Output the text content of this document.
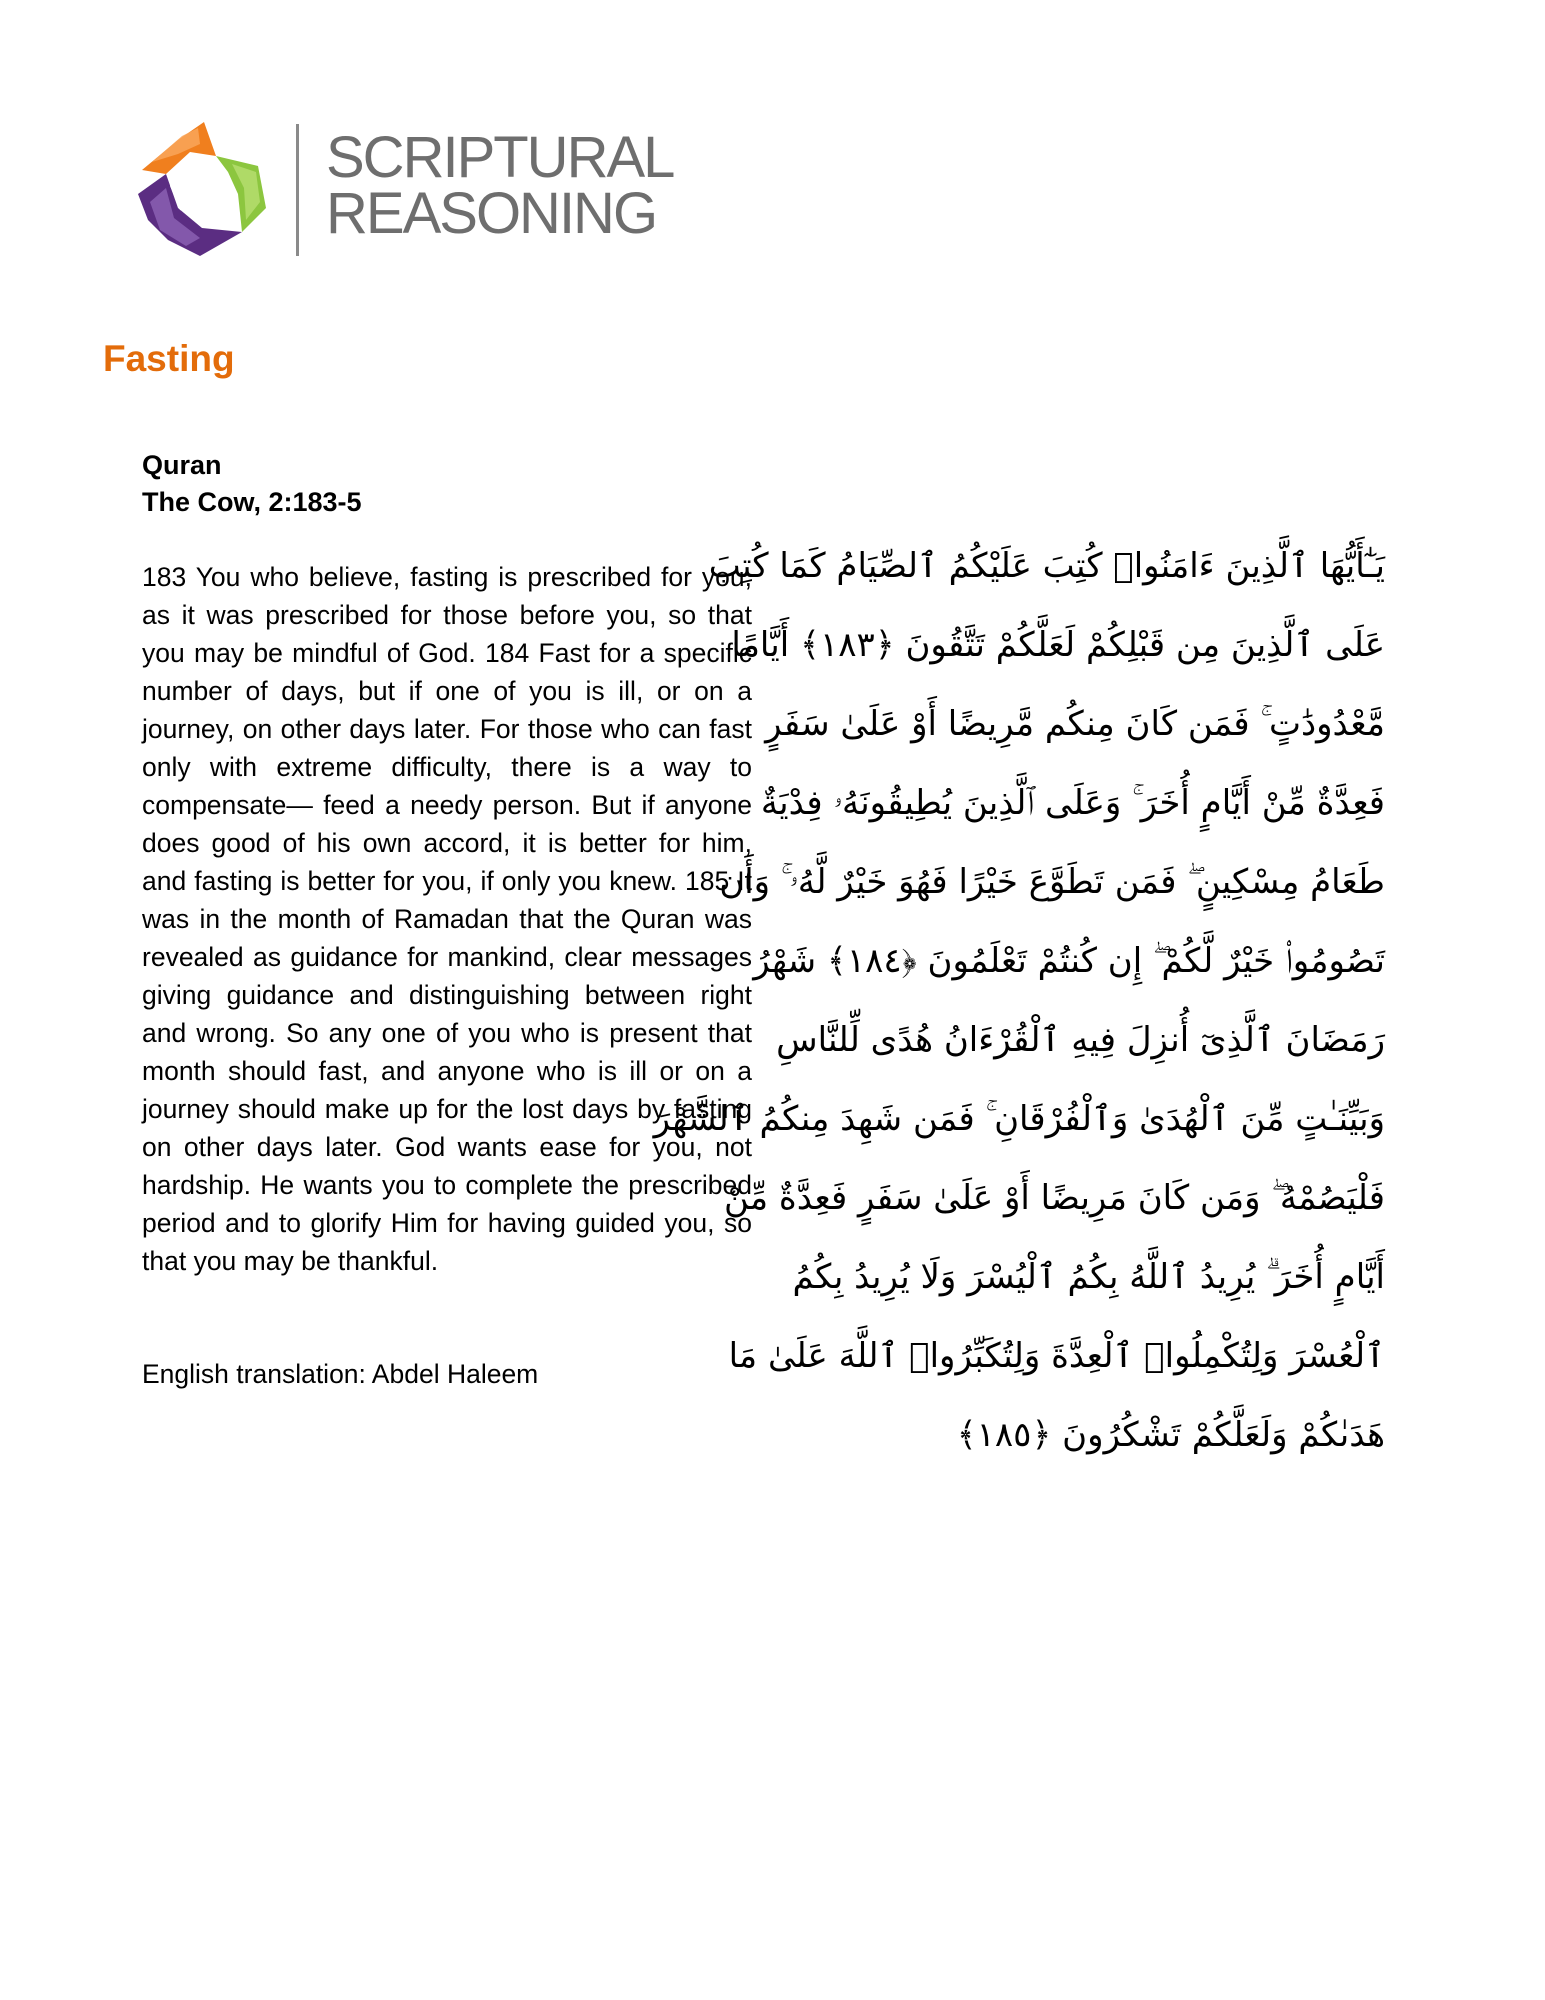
SCRIPTURAL
REASONING
Fasting
Quran
The Cow, 2:183-5
183 You who believe, fasting is prescribed for you, as it was prescribed for those before you, so that you may be mindful of God. 184 Fast for a specific number of days, but if one of you is ill, or on a journey, on other days later. For those who can fast only with extreme difficulty, there is a way to compensate— feed a needy person. But if anyone does good of his own accord, it is better for him, and fasting is better for you, if only you knew. 185 It was in the month of Ramadan that the Quran was revealed as guidance for mankind, clear messages giving guidance and distinguishing between right and wrong. So any one of you who is present that month should fast, and anyone who is ill or on a journey should make up for the lost days by fasting on other days later. God wants ease for you, not hardship. He wants you to complete the prescribed period and to glorify Him for having guided you, so that you may be thankful.
English translation: Abdel Haleem
يَـٰٓأَيُّهَا ٱلَّذِينَ ءَامَنُوا۟ كُتِبَ عَلَيْكُمُ ٱلصِّيَامُ كَمَا كُتِبَ
عَلَى ٱلَّذِينَ مِن قَبْلِكُمْ لَعَلَّكُمْ تَتَّقُونَ ﴿١٨٣﴾ أَيَّامًا
مَّعْدُودَٰتٍ ۚ فَمَن كَانَ مِنكُم مَّرِيضًا أَوْ عَلَىٰ سَفَرٍ
فَعِدَّةٌ مِّنْ أَيَّامٍ أُخَرَ ۚ وَعَلَى ٱلَّذِينَ يُطِيقُونَهُۥ فِدْيَةٌ
طَعَامُ مِسْكِينٍ ۖ فَمَن تَطَوَّعَ خَيْرًا فَهُوَ خَيْرٌ لَّهُۥ ۚ وَأَن
تَصُومُوا۟ خَيْرٌ لَّكُمْ ۖ إِن كُنتُمْ تَعْلَمُونَ ﴿١٨٤﴾ شَهْرُ
رَمَضَانَ ٱلَّذِىٓ أُنزِلَ فِيهِ ٱلْقُرْءَانُ هُدًى لِّلنَّاسِ
وَبَيِّنَـٰتٍ مِّنَ ٱلْهُدَىٰ وَٱلْفُرْقَانِ ۚ فَمَن شَهِدَ مِنكُمُ ٱلشَّهْرَ
فَلْيَصُمْهُ ۖ وَمَن كَانَ مَرِيضًا أَوْ عَلَىٰ سَفَرٍ فَعِدَّةٌ مِّنْ
أَيَّامٍ أُخَرَ ۗ يُرِيدُ ٱللَّهُ بِكُمُ ٱلْيُسْرَ وَلَا يُرِيدُ بِكُمُ
ٱلْعُسْرَ وَلِتُكْمِلُوا۟ ٱلْعِدَّةَ وَلِتُكَبِّرُوا۟ ٱللَّهَ عَلَىٰ مَا
هَدَىٰكُمْ وَلَعَلَّكُمْ تَشْكُرُونَ ﴿١٨٥﴾
